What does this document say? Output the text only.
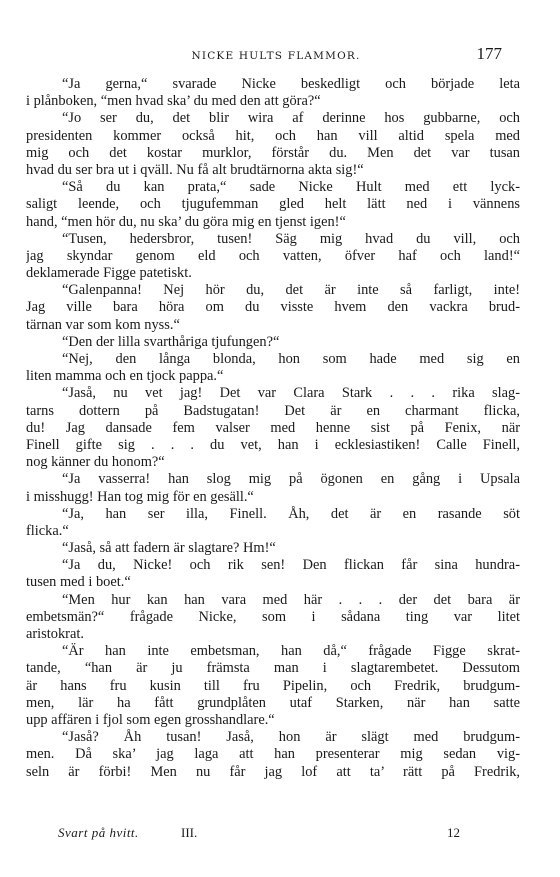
NICKE HULTS FLAMMOR.	177
“Ja gerna,“ svarade Nicke beskedligt och började leta
i plånboken, “men hvad ska’ du med den att göra?“
“Jo ser du, det blir wira af derinne hos gubbarne, och
presidenten kommer också hit, och han vill altid spela med
mig och det kostar murklor, förstår du. Men det var tusan
hvad du ser bra ut i qväll. Nu få alt brudtärnorna akta sig!“
“Så du kan prata,“ sade Nicke Hult med ett lyck-
saligt leende, och tjugufemman gled helt lätt ned i vännens
hand, “men hör du, nu ska’ du göra mig en tjenst igen!“
“Tusen, hedersbror, tusen! Säg mig hvad du vill, och
jag skyndar genom eld och vatten, öfver haf och land!“
deklamerade Figge patetiskt.
“Galenpanna! Nej hör du, det är inte så farligt, inte!
Jag ville bara höra om du visste hvem den vackra brud-
tärnan var som kom nyss.“
“Den der lilla svarthåriga tjufungen?“
“Nej, den långa blonda, hon som hade med sig en
liten mamma och en tjock pappa.“
“Jaså, nu vet jag! Det var Clara Stark . . . rika slag-
tarns dottern på Badstugatan! Det är en charmant flicka,
du! Jag dansade fem valser med henne sist på Fenix, när
Finell gifte sig . . . du vet, han i ecklesiastiken! Calle Finell,
nog känner du honom?“
“Ja vasserra! han slog mig på ögonen en gång i Upsala
i misshugg! Han tog mig för en gesäll.“
“Ja, han ser illa, Finell. Åh, det är en rasande söt
flicka.“
“Jaså, så att fadern är slagtare? Hm!“
“Ja du, Nicke! och rik sen! Den flickan får sina hundra-
tusen med i boet.“
“Men hur kan han vara med här . . . der det bara är
embetsmän?“ frågade Nicke, som i sådana ting var litet
aristokrat.
“Är han inte embetsman, han då,“ frågade Figge skrat-
tande, “han är ju främsta man i slagtarembetet. Dessutom
är hans fru kusin till fru Pipelin, och Fredrik, brudgum-
men, lär ha fått grundplåten utaf Starken, när han satte
upp affären i fjol som egen grosshandlare.“
“Jaså? Åh tusan! Jaså, hon är slägt med brudgum-
men. Då ska’ jag laga att han presenterar mig sedan vig-
seln är förbi! Men nu får jag lof att ta’ rätt på Fredrik,
Svart på hvitt.	III.	12
